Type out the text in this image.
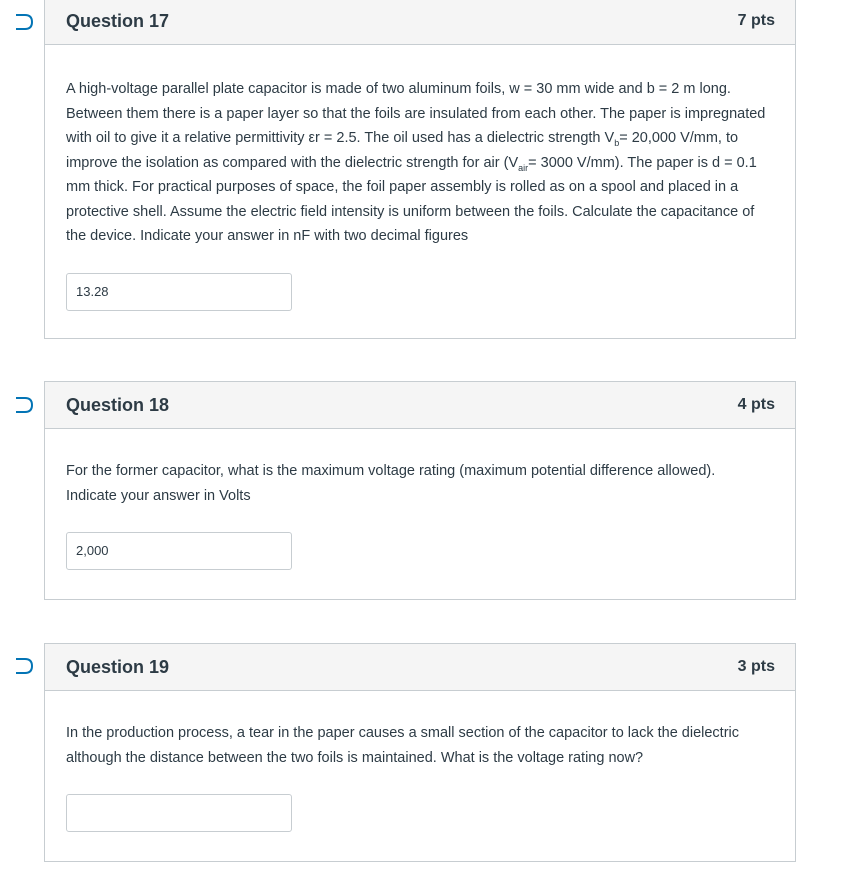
Question 17	7 pts

A high-voltage parallel plate capacitor is made of two aluminum foils, w = 30 mm wide and b = 2 m long. Between them there is a paper layer so that the foils are insulated from each other. The paper is impregnated with oil to give it a relative permittivity εr = 2.5. The oil used has a dielectric strength $V_b= 20,000$ V/mm, to improve the isolation as compared with the dielectric strength for air ($V_{air}= 3000$ V/mm). The paper is d = 0.1 mm thick. For practical purposes of space, the foil paper assembly is rolled as on a spool and placed in a protective shell. Assume the electric field intensity is uniform between the foils. Calculate the capacitance of the device. Indicate your answer in nF with two decimal figures

13.28
Question 18	4 pts

For the former capacitor, what is the maximum voltage rating (maximum potential difference allowed). Indicate your answer in Volts

2,000
Question 19	3 pts

In the production process, a tear in the paper causes a small section of the capacitor to lack the dielectric although the distance between the two foils is maintained. What is the voltage rating now?
